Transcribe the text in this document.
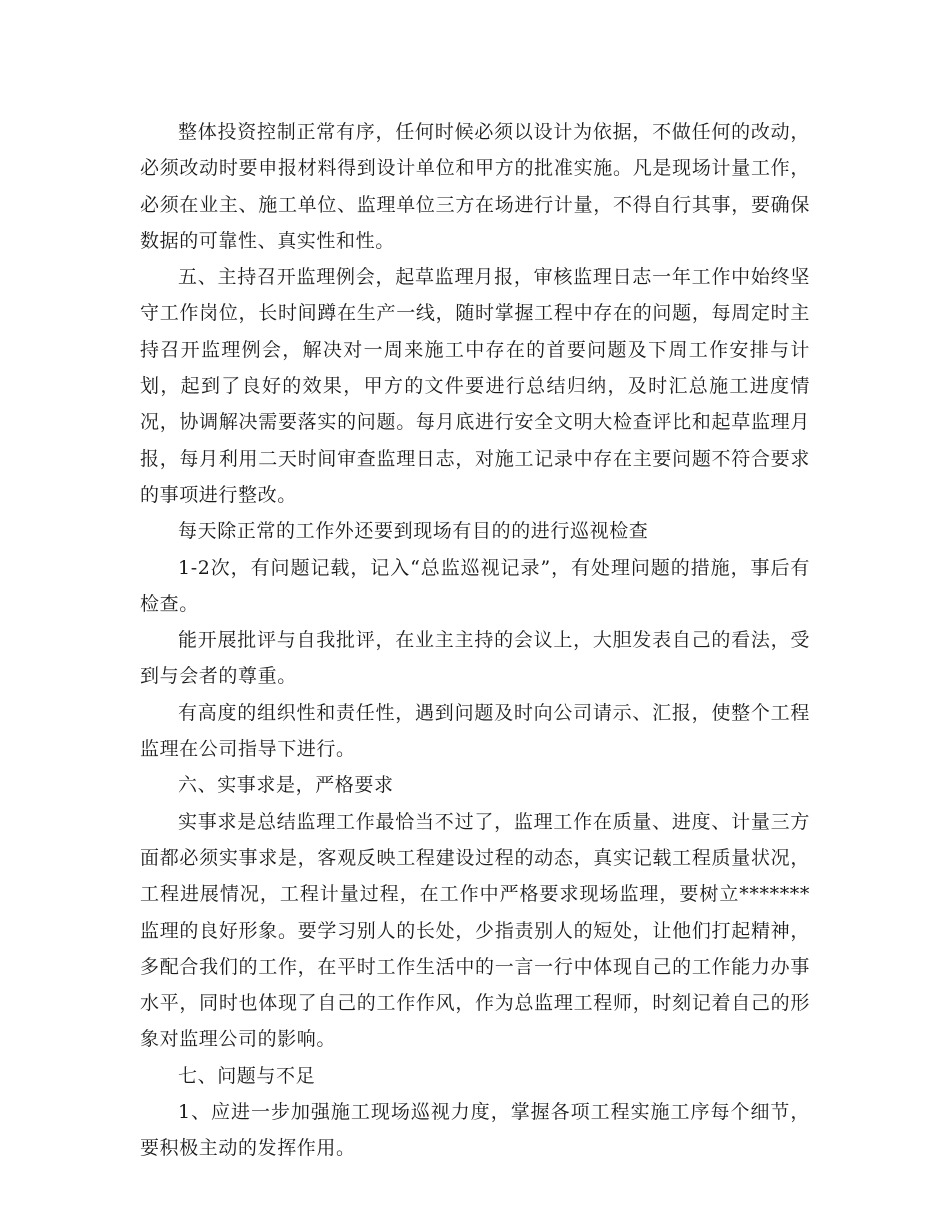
整体投资控制正常有序，任何时候必须以设计为依据，不做任何的改动，必须改动时要申报材料得到设计单位和甲方的批准实施。凡是现场计量工作，必须在业主、施工单位、监理单位三方在场进行计量，不得自行其事，要确保数据的可靠性、真实性和性。

五、主持召开监理例会，起草监理月报，审核监理日志一年工作中始终坚守工作岗位，长时间蹲在生产一线，随时掌握工程中存在的问题，每周定时主持召开监理例会，解决对一周来施工中存在的首要问题及下周工作安排与计划，起到了良好的效果，甲方的文件要进行总结归纳，及时汇总施工进度情况，协调解决需要落实的问题。每月底进行安全文明大检查评比和起草监理月报，每月利用二天时间审查监理日志，对施工记录中存在主要问题不符合要求的事项进行整改。

每天除正常的工作外还要到现场有目的的进行巡视检查

1-2次，有问题记载，记入“总监巡视记录”，有处理问题的措施，事后有检查。

能开展批评与自我批评，在业主主持的会议上，大胆发表自己的看法，受到与会者的尊重。

有高度的组织性和责任性，遇到问题及时向公司请示、汇报，使整个工程监理在公司指导下进行。

六、实事求是，严格要求

实事求是总结监理工作最恰当不过了，监理工作在质量、进度、计量三方面都必须实事求是，客观反映工程建设过程的动态，真实记载工程质量状况，工程进展情况，工程计量过程，在工作中严格要求现场监理，要树立*******监理的良好形象。要学习别人的长处，少指责别人的短处，让他们打起精神，多配合我们的工作，在平时工作生活中的一言一行中体现自己的工作能力办事水平，同时也体现了自己的工作作风，作为总监理工程师，时刻记着自己的形象对监理公司的影响。

七、问题与不足

1、应进一步加强施工现场巡视力度，掌握各项工程实施工序每个细节，要积极主动的发挥作用。
